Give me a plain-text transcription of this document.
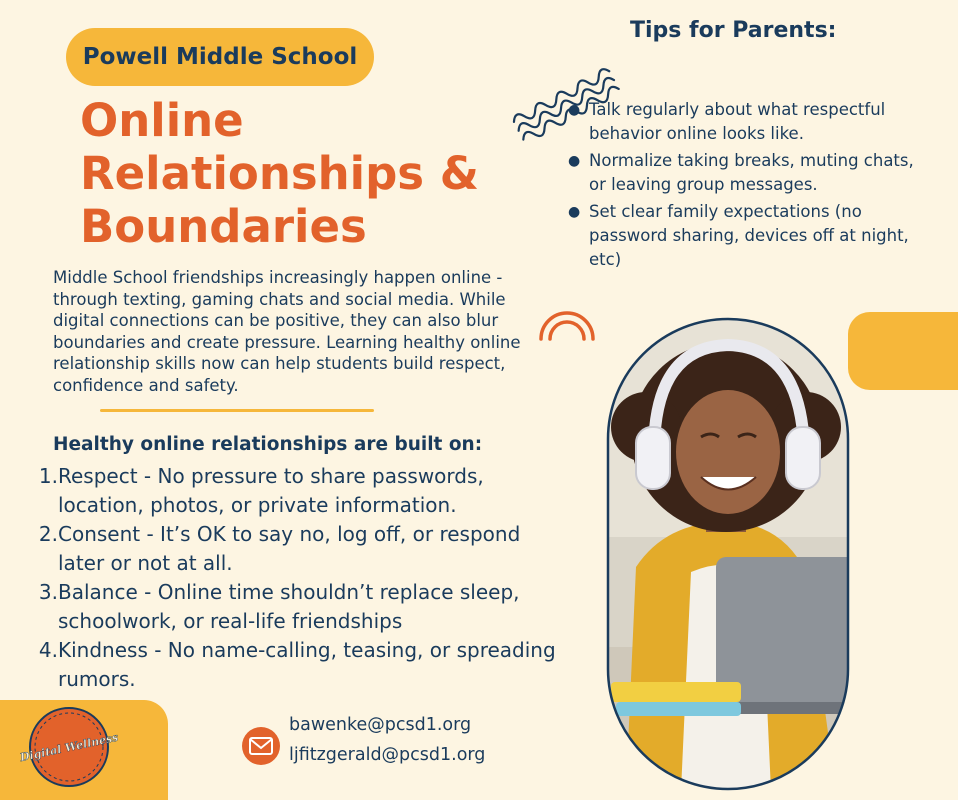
Powell Middle School
Online
Relationships &
Boundaries
Middle School friendships increasingly happen online - through texting, gaming chats and social media. While digital connections can be positive, they can also blur boundaries and create pressure. Learning healthy online relationship skills now can help students build respect, confidence and safety.
Healthy online relationships are built on:
1. Respect - No pressure to share passwords, location, photos, or private information.
2. Consent - It’s OK to say no, log off, or respond later or not at all.
3. Balance - Online time shouldn’t replace sleep, schoolwork, or real-life friendships
4. Kindness - No name-calling, teasing, or spreading rumors.
Tips for Parents:
● Talk regularly about what respectful behavior online looks like.
● Normalize taking breaks, muting chats, or leaving group messages.
● Set clear family expectations (no password sharing, devices off at night, etc)
Digital Wellness
bawenke@pcsd1.org
ljfitzgerald@pcsd1.org
